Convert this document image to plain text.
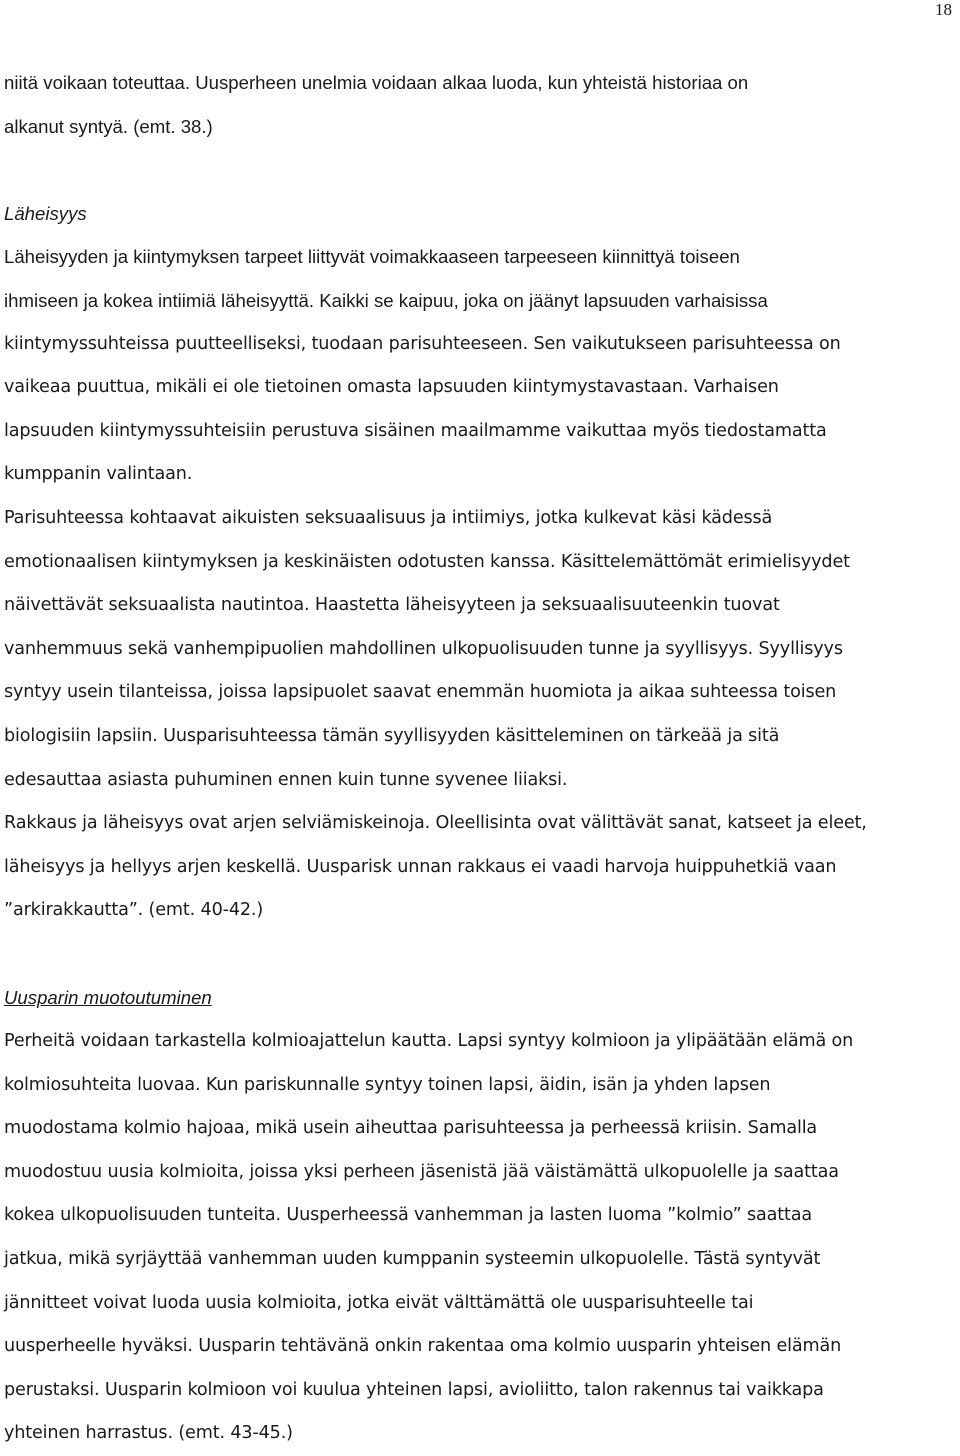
18
niitä voikaan toteuttaa. Uusperheen unelmia voidaan alkaa luoda, kun yhteistä historiaa on
alkanut syntyä. (emt. 38.)
Läheisyys
Läheisyyden ja kiintymyksen tarpeet liittyvät voimakkaaseen tarpeeseen kiinnittyä toiseen
ihmiseen ja kokea intiimiä läheisyyttä. Kaikki se kaipuu, joka on jäänyt lapsuuden varhaisissa
kiintymyssuhteissa puutteelliseksi, tuodaan parisuhteeseen. Sen vaikutukseen parisuhteessa on
vaikeaa puuttua, mikäli ei ole tietoinen omasta lapsuuden kiintymystavastaan. Varhaisen
lapsuuden kiintymyssuhteisiin perustuva sisäinen maailmamme vaikuttaa myös tiedostamatta
kumppanin valintaan.
Parisuhteessa kohtaavat aikuisten seksuaalisuus ja intiimiys, jotka kulkevat käsi kädessä
emotionaalisen kiintymyksen ja keskinäisten odotusten kanssa. Käsittelemättömät erimielisyydet
näivettävät seksuaalista nautintoa. Haastetta läheisyyteen ja seksuaalisuuteenkin tuovat
vanhemmuus sekä vanhempipuolien mahdollinen ulkopuolisuuden tunne ja syyllisyys. Syyllisyys
syntyy usein tilanteissa, joissa lapsipuolet saavat enemmän huomiota ja aikaa suhteessa toisen
biologisiin lapsiin. Uusparisuhteessa tämän syyllisyyden käsitteleminen on tärkeää ja sitä
edesauttaa asiasta puhuminen ennen kuin tunne syvenee liiaksi.
Rakkaus ja läheisyys ovat arjen selviämiskeinoja. Oleellisinta ovat välittävät sanat, katseet ja eleet,
läheisyys ja hellyys arjen keskellä. Uusparisk unnan rakkaus ei vaadi harvoja huippuhetkiä vaan
”arkirakkautta”. (emt. 40-42.)
Uusparin muotoutuminen
Perheitä voidaan tarkastella kolmioajattelun kautta. Lapsi syntyy kolmioon ja ylipäätään elämä on
kolmiosuhteita luovaa. Kun pariskunnalle syntyy toinen lapsi, äidin, isän ja yhden lapsen
muodostama kolmio hajoaa, mikä usein aiheuttaa parisuhteessa ja perheessä kriisin. Samalla
muodostuu uusia kolmioita, joissa yksi perheen jäsenistä jää väistämättä ulkopuolelle ja saattaa
kokea ulkopuolisuuden tunteita. Uusperheessä vanhemman ja lasten luoma ”kolmio” saattaa
jatkua, mikä syrjäyttää vanhemman uuden kumppanin systeemin ulkopuolelle. Tästä syntyvät
jännitteet voivat luoda uusia kolmioita, jotka eivät välttämättä ole uusparisuhteelle tai
uusperheelle hyväksi. Uusparin tehtävänä onkin rakentaa oma kolmio uusparin yhteisen elämän
perustaksi. Uusparin kolmioon voi kuulua yhteinen lapsi, avioliitto, talon rakennus tai vaikkapa
yhteinen harrastus. (emt. 43-45.)
